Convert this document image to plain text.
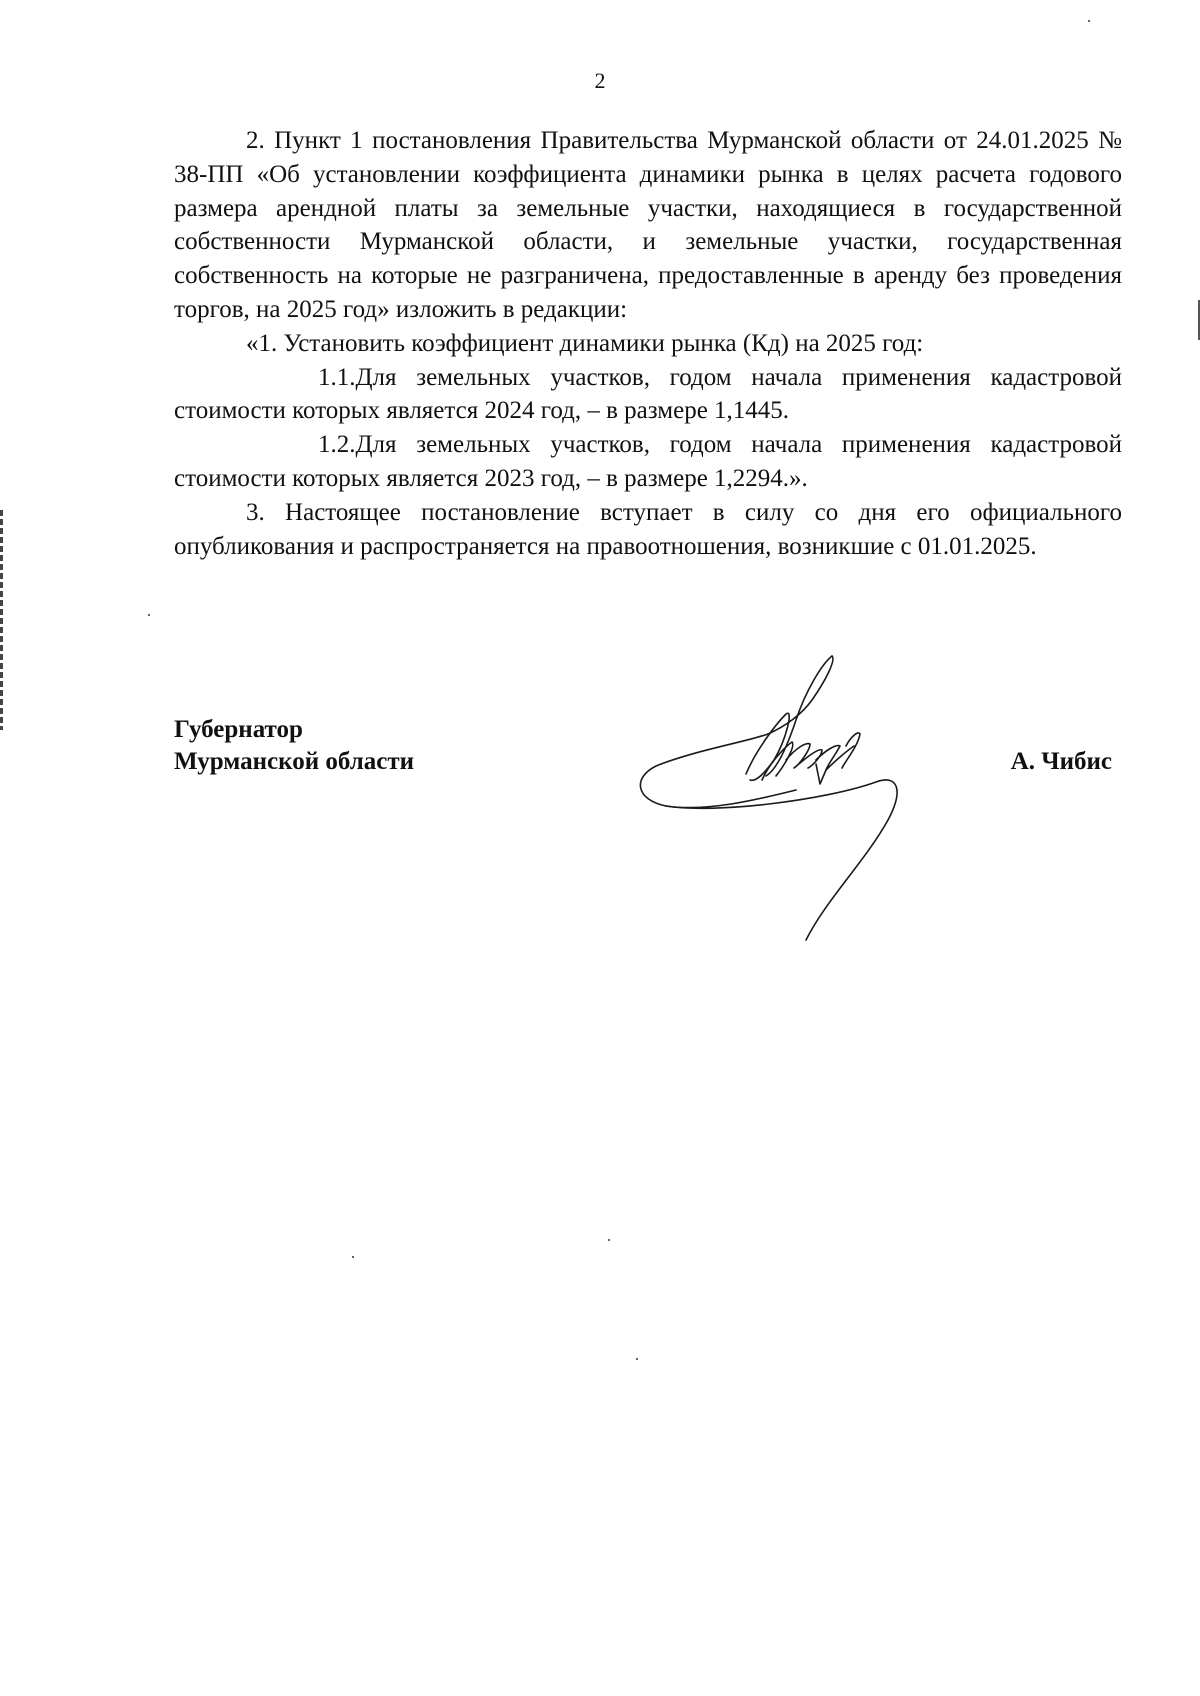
2

2. Пункт 1 постановления Правительства Мурманской области от 24.01.2025 № 38-ПП «Об установлении коэффициента динамики рынка в целях расчета годового размера арендной платы за земельные участки, находящиеся в государственной собственности Мурманской области, и земельные участки, государственная собственность на которые не разграничена, предоставленные в аренду без проведения торгов, на 2025 год» изложить в редакции:

«1. Установить коэффициент динамики рынка (Кд) на 2025 год:

1.1.Для земельных участков, годом начала применения кадастровой стоимости которых является 2024 год, – в размере 1,1445.

1.2.Для земельных участков, годом начала применения кадастровой стоимости которых является 2023 год, – в размере 1,2294.».

3. Настоящее постановление вступает в силу со дня его официального опубликования и распространяется на правоотношения, возникшие с 01.01.2025.

Губернатор
Мурманской области	А. Чибис
